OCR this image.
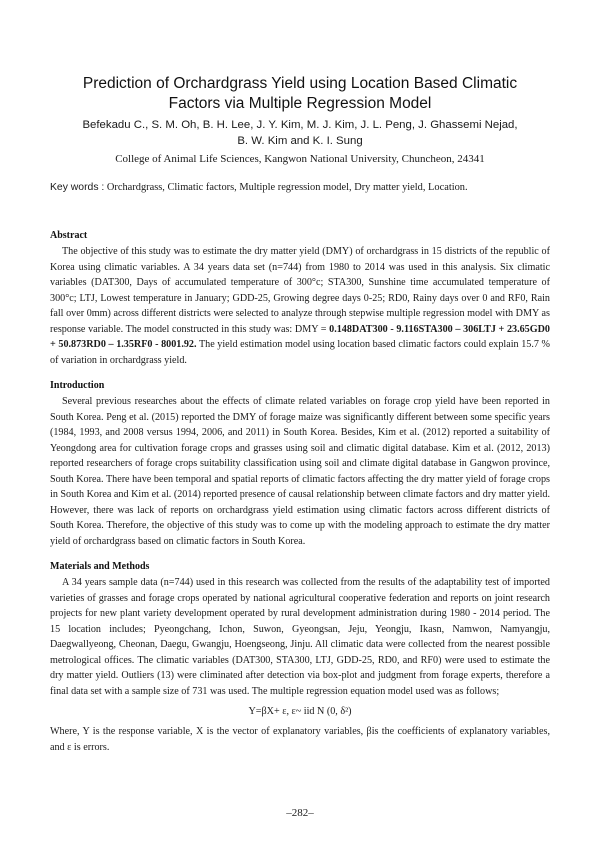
Prediction of Orchardgrass Yield using Location Based Climatic
Factors via Multiple Regression Model
Befekadu C., S. M. Oh, B. H. Lee, J. Y. Kim, M. J. Kim, J. L. Peng, J. Ghassemi Nejad,
B. W. Kim and K. I. Sung
College of Animal Life Sciences, Kangwon National University, Chuncheon, 24341
Key words : Orchardgrass, Climatic factors, Multiple regression model, Dry matter yield, Location.
Abstract

The objective of this study was to estimate the dry matter yield (DMY) of orchardgrass in 15 districts of the republic of Korea using climatic variables. A 34 years data set (n=744) from 1980 to 2014 was used in this analysis. Six climatic variables (DAT300, Days of accumulated temperature of 300°c; STA300, Sunshine time accumulated temperature of 300°c; LTJ, Lowest temperature in January; GDD-25, Growing degree days 0-25; RD0, Rainy days over 0 and RF0, Rain fall over 0mm) across different districts were selected to analyze through stepwise multiple regression model with DMY as response variable. The model constructed in this study was: DMY = 0.148DAT300 - 9.116STA300 – 306LTJ + 23.65GD0 + 50.873RD0 – 1.35RF0 - 8001.92. The yield estimation model using location based climatic factors could explain 15.7 % of variation in orchardgrass yield.

Introduction

Several previous researches about the effects of climate related variables on forage crop yield have been reported in South Korea. Peng et al. (2015) reported the DMY of forage maize was significantly different between some specific years (1984, 1993, and 2008 versus 1994, 2006, and 2011) in South Korea. Besides, Kim et al. (2012) reported a suitability of Yeongdong area for cultivation forage crops and grasses using soil and climatic digital database. Kim et al. (2012, 2013) reported researchers of forage crops suitability classification using soil and climate digital database in Gangwon province, South Korea. There have been temporal and spatial reports of climatic factors affecting the dry matter yield of forage crops in South Korea and Kim et al. (2014) reported presence of causal relationship between climate factors and dry matter yield. However, there was lack of reports on orchardgrass yield estimation using climatic factors across different districts of South Korea. Therefore, the objective of this study was to come up with the modeling approach to estimate the dry matter yield of orchardgrass based on climatic factors in South Korea.

Materials and Methods

A 34 years sample data (n=744) used in this research was collected from the results of the adaptability test of imported varieties of grasses and forage crops operated by national agricultural cooperative federation and reports on joint research projects for new plant variety development operated by rural development administration during 1980 - 2014 period. The 15 location includes; Pyeongchang, Ichon, Suwon, Gyeongsan, Jeju, Yeongju, Ikasn, Namwon, Namyangju, Daegwallyeong, Cheonan, Daegu, Gwangju, Hoengseong, Jinju. All climatic data were collected from the nearest possible metrological offices. The climatic variables (DAT300, STA300, LTJ, GDD-25, RD0, and RF0) were used to estimate the dry matter yield. Outliers (13) were climinated after detection via box-plot and judgment from forage experts, therefore a final data set with a sample size of 731 was used. The multiple regression equation model used was as follows;

Y=βX+ ε, ε~ iid N (0, δ²)

Where, Y is the response variable, X is the vector of explanatory variables, βis the coefficients of explanatory variables, and ε is errors.

–282–
